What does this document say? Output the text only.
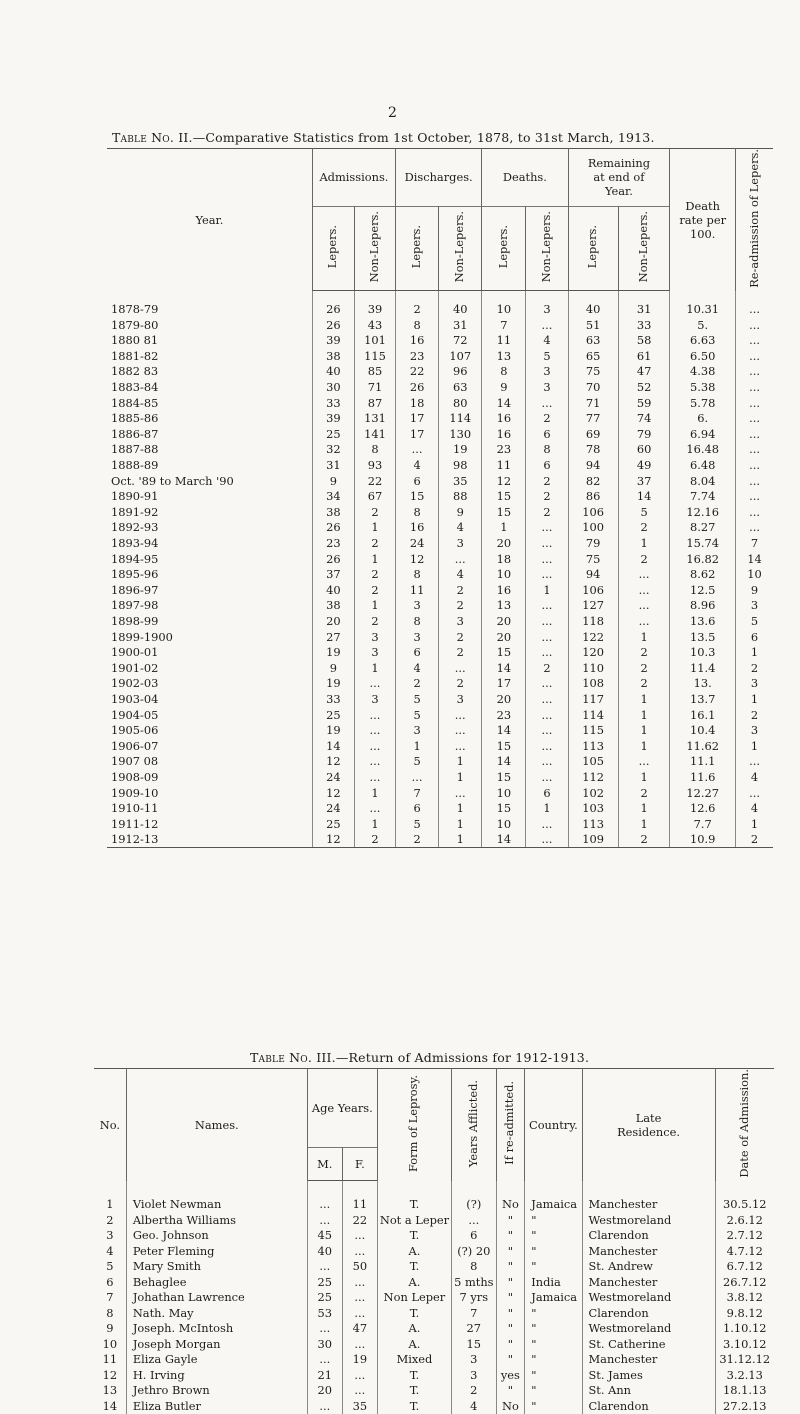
2
Table No. II.—Comparative Statistics from 1st October, 1878, to 31st March, 1913.
Year.	Admissions.		Discharges.		Deaths.		Remaining at end of Year.		Death rate per 100.	Re-admission of Lepers.
	Lepers.	Non-Lepers.	Lepers.	Non-Lepers.	Lepers.	Non-Lepers.	Lepers.	Non-Lepers.		

1878-79	26	39	2	40	10	3	40	31	10.31	...
1879-80	26	43	8	31	7	...	51	33	5.	...
1880 81	39	101	16	72	11	4	63	58	6.63	...
1881-82	38	115	23	107	13	5	65	61	6.50	...
1882 83	40	85	22	96	8	3	75	47	4.38	...
1883-84	30	71	26	63	9	3	70	52	5.38	...
1884-85	33	87	18	80	14	...	71	59	5.78	...
1885-86	39	131	17	114	16	2	77	74	6.	...
1886-87	25	141	17	130	16	6	69	79	6.94	...
1887-88	32	8	...	19	23	8	78	60	16.48	...
1888-89	31	93	4	98	11	6	94	49	6.48	...
Oct. '89 to March '90	9	22	6	35	12	2	82	37	8.04	...
1890-91	34	67	15	88	15	2	86	14	7.74	...
1891-92	38	2	8	9	15	2	106	5	12.16	...
1892-93	26	1	16	4	1	...	100	2	8.27	...
1893-94	23	2	24	3	20	...	79	1	15.74	7
1894-95	26	1	12	...	18	...	75	2	16.82	14
1895-96	37	2	8	4	10	...	94	...	8.62	10
1896-97	40	2	11	2	16	1	106	...	12.5	9
1897-98	38	1	3	2	13	...	127	...	8.96	3
1898-99	20	2	8	3	20	...	118	...	13.6	5
1899-1900	27	3	3	2	20	...	122	1	13.5	6
1900-01	19	3	6	2	15	...	120	2	10.3	1
1901-02	9	1	4	...	14	2	110	2	11.4	2
1902-03	19	...	2	2	17	...	108	2	13.	3
1903-04	33	3	5	3	20	...	117	1	13.7	1
1904-05	25	...	5	...	23	...	114	1	16.1	2
1905-06	19	...	3	...	14	...	115	1	10.4	3
1906-07	14	...	1	...	15	...	113	1	11.62	1
1907 08	12	...	5	1	14	...	105	...	11.1	...
1908-09	24	...	...	1	15	...	112	1	11.6	4
1909-10	12	1	7	...	10	6	102	2	12.27	...
1910-11	24	...	6	1	15	1	103	1	12.6	4
1911-12	25	1	5	1	10	...	113	1	7.7	1
1912-13	12	2	2	1	14	...	109	2	10.9	2
Table No. III.—Return of Admissions for 1912-1913.
No.	Names.	Age Years.		Form of Leprosy.	Years Afflicted.	If re-admitted.	Country.	Late Residence.	Date of Admission.
		M.	F.						

1	Violet Newman	...	11	T.	(?)	No	Jamaica	Manchester	30.5.12
2	Albertha Williams	...	22	Not a Leper	...	"	"	Westmoreland	2.6.12
3	Geo. Johnson	45	...	T.	6	"	"	Clarendon	2.7.12
4	Peter Fleming	40	...	A.	(?) 20	"	"	Manchester	4.7.12
5	Mary Smith	...	50	T.	8	"	"	St. Andrew	6.7.12
6	Behaglee	25	...	A.	5 mths	"	India	Manchester	26.7.12
7	Johathan Lawrence	25	...	Non Leper	7 yrs	"	Jamaica	Westmoreland	3.8.12
8	Nath. May	53	...	T.	7	"	"	Clarendon	9.8.12
9	Joseph. McIntosh	...	47	A.	27	"	"	Westmoreland	1.10.12
10	Joseph Morgan	30	...	A.	15	"	"	St. Catherine	3.10.12
11	Eliza Gayle	...	19	Mixed	3	"	"	Manchester	31.12.12
12	H. Irving	21	...	T.	3	yes	"	St. James	3.2.13
13	Jethro Brown	20	...	T.	2	"	"	St. Ann	18.1.13
14	Eliza Butler	...	35	T.	4	No	"	Clarendon	27.2.13
